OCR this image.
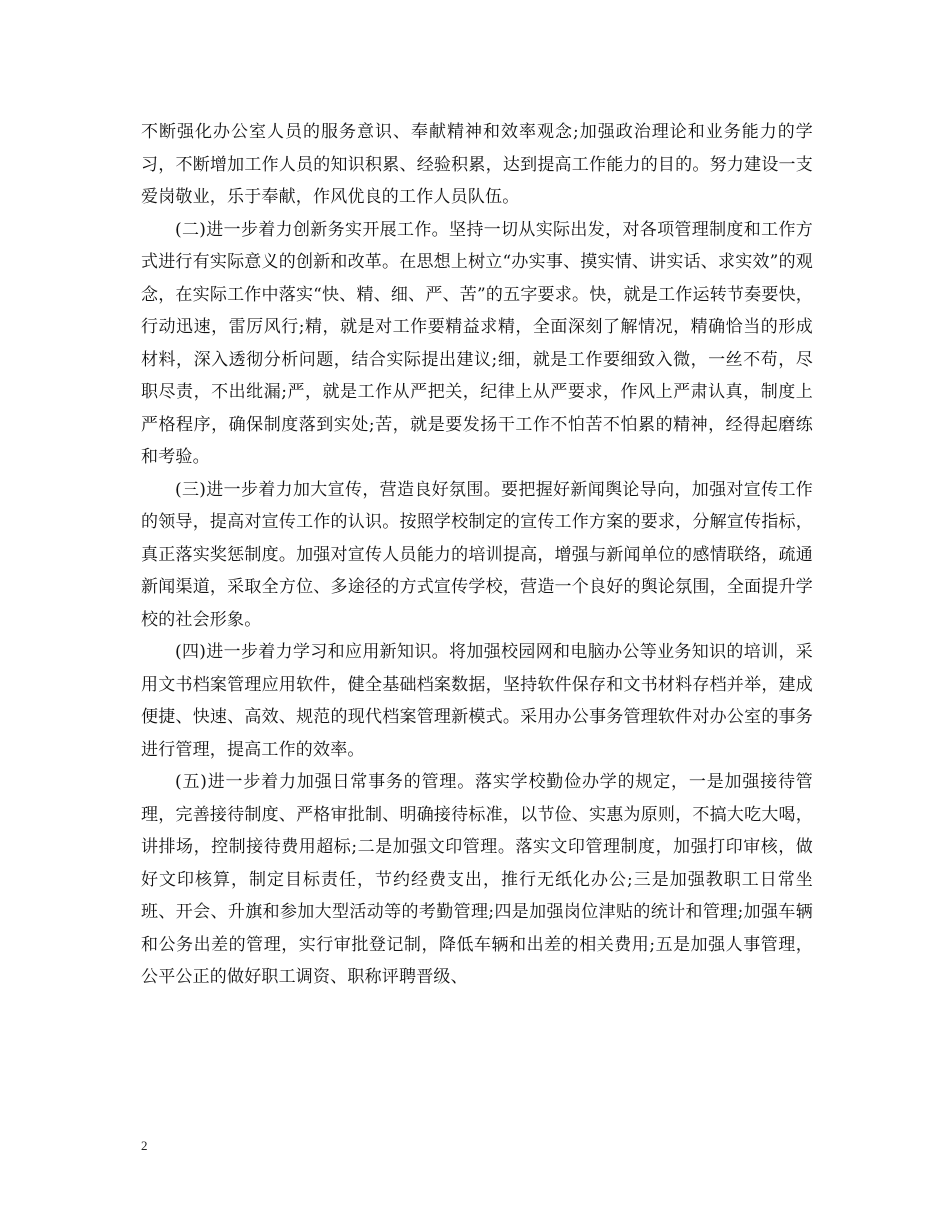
不断强化办公室人员的服务意识、奉献精神和效率观念;加强政治理论和业务能力的学习，不断增加工作人员的知识积累、经验积累，达到提高工作能力的目的。努力建设一支爱岗敬业，乐于奉献，作风优良的工作人员队伍。

(二)进一步着力创新务实开展工作。坚持一切从实际出发，对各项管理制度和工作方式进行有实际意义的创新和改革。在思想上树立“办实事、摸实情、讲实话、求实效”的观念，在实际工作中落实“快、精、细、严、苦”的五字要求。快，就是工作运转节奏要快，行动迅速，雷厉风行;精，就是对工作要精益求精，全面深刻了解情况，精确恰当的形成材料，深入透彻分析问题，结合实际提出建议;细，就是工作要细致入微，一丝不苟，尽职尽责，不出纰漏;严，就是工作从严把关，纪律上从严要求，作风上严肃认真，制度上严格程序，确保制度落到实处;苦，就是要发扬干工作不怕苦不怕累的精神，经得起磨练和考验。

(三)进一步着力加大宣传，营造良好氛围。要把握好新闻舆论导向，加强对宣传工作的领导，提高对宣传工作的认识。按照学校制定的宣传工作方案的要求，分解宣传指标，真正落实奖惩制度。加强对宣传人员能力的培训提高，增强与新闻单位的感情联络，疏通新闻渠道，采取全方位、多途径的方式宣传学校，营造一个良好的舆论氛围，全面提升学校的社会形象。

(四)进一步着力学习和应用新知识。将加强校园网和电脑办公等业务知识的培训，采用文书档案管理应用软件，健全基础档案数据，坚持软件保存和文书材料存档并举，建成便捷、快速、高效、规范的现代档案管理新模式。采用办公事务管理软件对办公室的事务进行管理，提高工作的效率。

(五)进一步着力加强日常事务的管理。落实学校勤俭办学的规定，一是加强接待管理，完善接待制度、严格审批制、明确接待标准，以节俭、实惠为原则，不搞大吃大喝，讲排场，控制接待费用超标;二是加强文印管理。落实文印管理制度，加强打印审核，做好文印核算，制定目标责任，节约经费支出，推行无纸化办公;三是加强教职工日常坐班、开会、升旗和参加大型活动等的考勤管理;四是加强岗位津贴的统计和管理;加强车辆和公务出差的管理，实行审批登记制，降低车辆和出差的相关费用;五是加强人事管理，公平公正的做好职工调资、职称评聘晋级、

2
